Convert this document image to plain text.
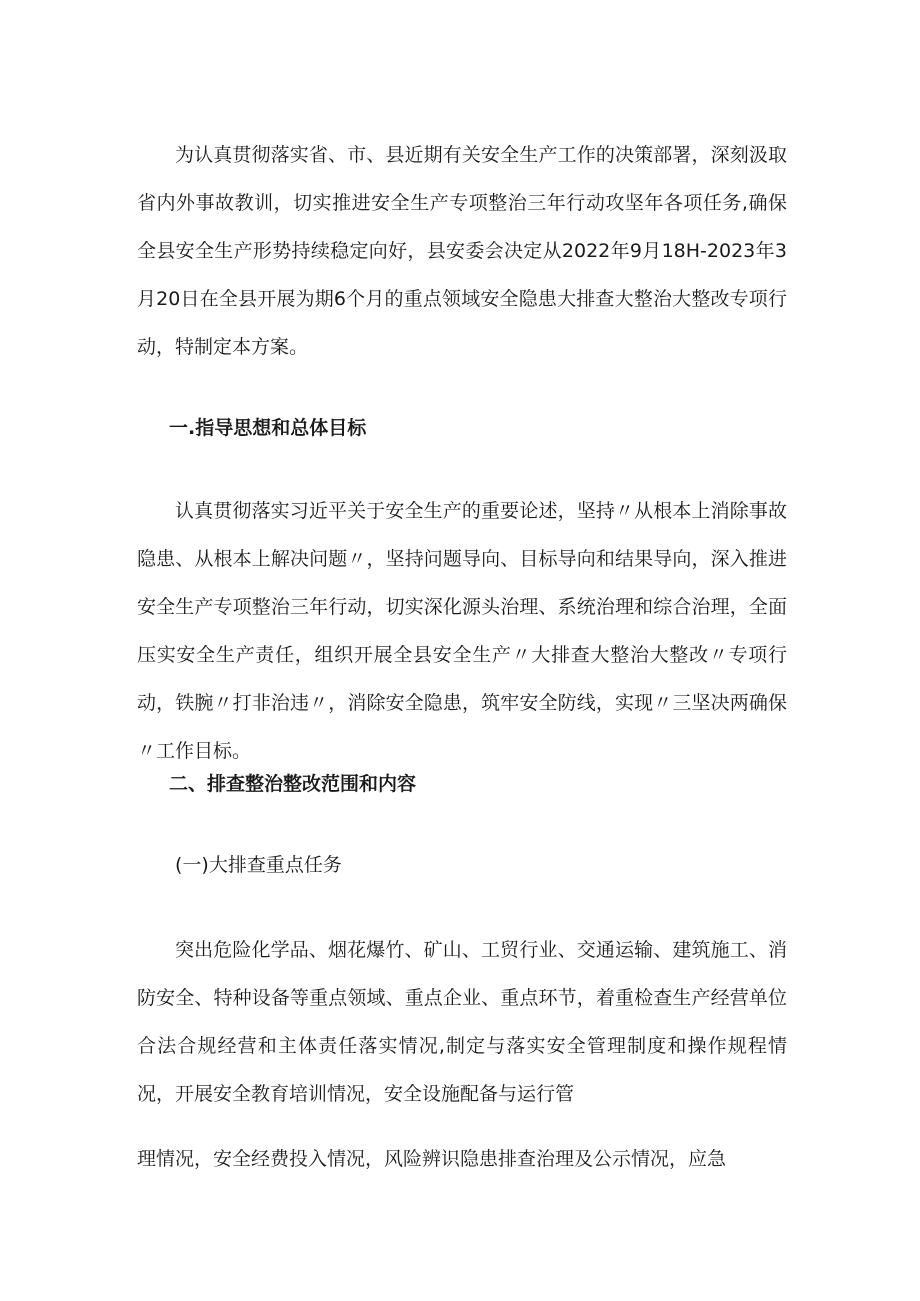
为认真贯彻落实省、市、县近期有关安全生产工作的决策部署，深刻汲取省内外事故教训，切实推进安全生产专项整治三年行动攻坚年各项任务,确保全县安全生产形势持续稳定向好，县安委会决定从2022年9月18H-2023年3月20日在全县开展为期6个月的重点领域安全隐患大排查大整治大整改专项行动，特制定本方案。

一.指导思想和总体目标

认真贯彻落实习近平关于安全生产的重要论述，坚持〃从根本上消除事故隐患、从根本上解决问题〃，坚持问题导向、目标导向和结果导向，深入推进安全生产专项整治三年行动，切实深化源头治理、系统治理和综合治理，全面压实安全生产责任，组织开展全县安全生产〃大排查大整治大整改〃专项行动，铁腕〃打非治违〃，消除安全隐患，筑牢安全防线，实现〃三坚决两确保〃工作目标。

二、排查整治整改范围和内容

(一)大排查重点任务

突出危险化学品、烟花爆竹、矿山、工贸行业、交通运输、建筑施工、消防安全、特种设备等重点领域、重点企业、重点环节，着重检查生产经营单位合法合规经营和主体责任落实情况,制定与落实安全管理制度和操作规程情况，开展安全教育培训情况，安全设施配备与运行管

理情况，安全经费投入情况，风险辨识隐患排查治理及公示情况，应急
